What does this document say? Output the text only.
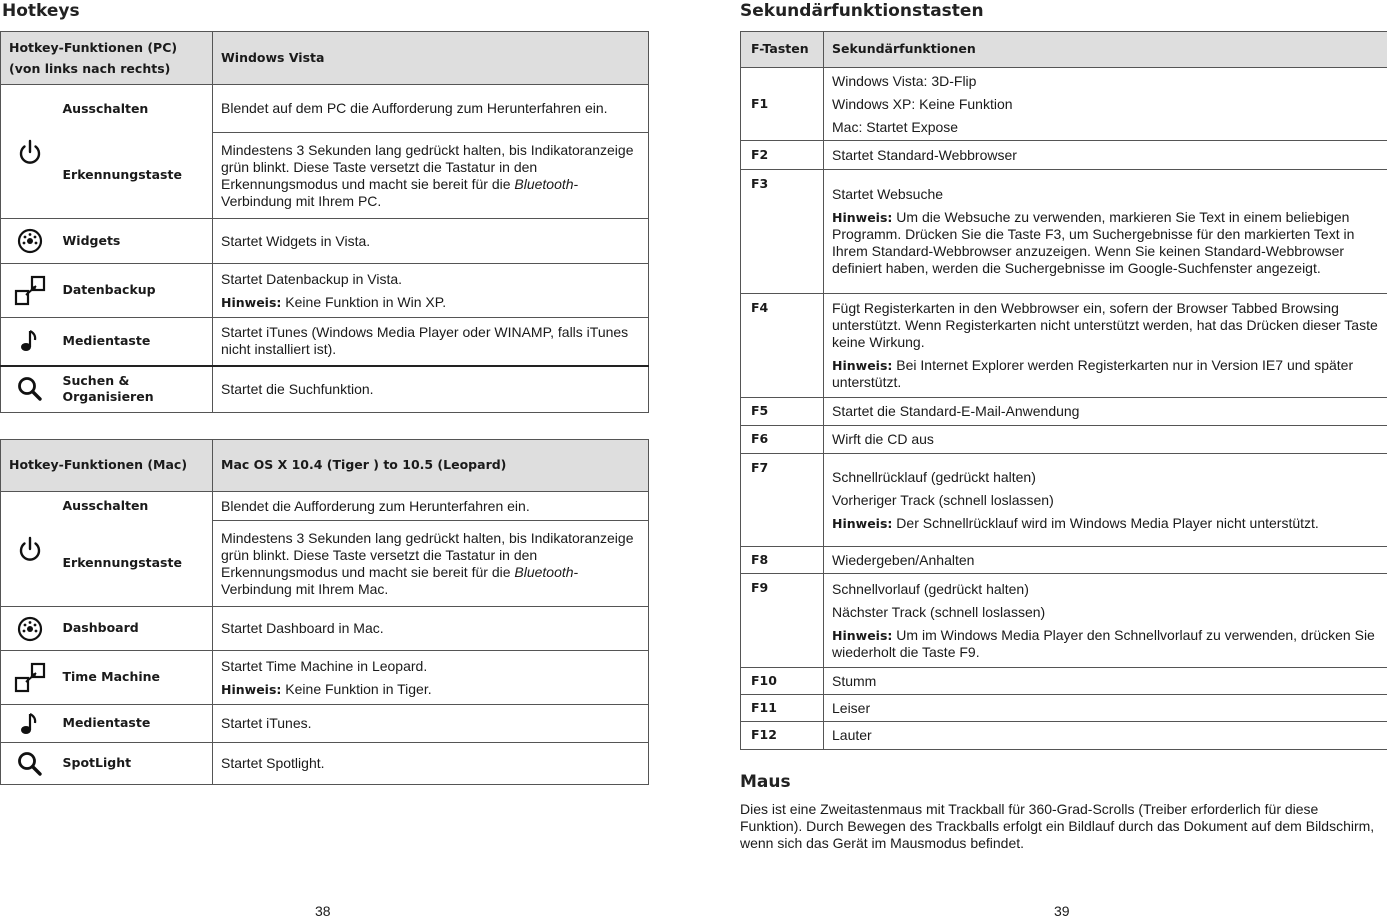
Hotkeys
Hotkey-Funktionen (PC) (von links nach rechts)		Windows Vista

	Ausschalten	Blendet auf dem PC die Aufforderung zum Herunterfahren ein.
	Erkennungstaste	Mindestens 3 Sekunden lang gedrückt halten, bis Indikatoranzeige grün blinkt. Diese Taste versetzt die Tastatur in den Erkennungsmodus und macht sie bereit für die Bluetooth-Verbindung mit Ihrem PC.

	Widgets	Startet Widgets in Vista.

	Datenbackup	Startet Datenbackup in Vista.

Hinweis: Keine Funktion in Win XP.

	Medientaste	Startet iTunes (Windows Media Player oder WINAMP, falls iTunes nicht installiert ist).

	Suchen & Organisieren	Startet die Suchfunktion.
Hotkey-Funktionen (Mac)		Mac OS X 10.4 (Tiger ) to 10.5 (Leopard)

	Ausschalten	Blendet die Aufforderung zum Herunterfahren ein.
	Erkennungstaste	Mindestens 3 Sekunden lang gedrückt halten, bis Indikatoranzeige grün blinkt. Diese Taste versetzt die Tastatur in den Erkennungsmodus und macht sie bereit für die Bluetooth-Verbindung mit Ihrem Mac.

	Dashboard	Startet Dashboard in Mac.

	Time Machine	Startet Time Machine in Leopard.

Hinweis: Keine Funktion in Tiger.

	Medientaste	Startet iTunes.

	SpotLight	Startet Spotlight.
38
Sekundärfunktionstasten
F-Tasten	Sekundärfunktionen
F1	Windows Vista: 3D-Flip
Windows XP: Keine Funktion
Mac: Startet Expose

F2	Startet Standard-Webbrowser
F3	Startet Websuche

Hinweis: Um die Websuche zu verwenden, markieren Sie Text in einem beliebigen Programm. Drücken Sie die Taste F3, um Suchergebnisse für den markierten Text in Ihrem Standard-Webbrowser anzuzeigen. Wenn Sie keinen Standard-Webbrowser definiert haben, werden die Suchergebnisse im Google-Suchfenster angezeigt.

F4	Fügt Registerkarten in den Webbrowser ein, sofern der Browser Tabbed Browsing unterstützt. Wenn Registerkarten nicht unterstützt werden, hat das Drücken dieser Taste keine Wirkung.

Hinweis: Bei Internet Explorer werden Registerkarten nur in Version IE7 und später unterstützt.

F5	Startet die Standard-E-Mail-Anwendung
F6	Wirft die CD aus
F7	Schnellrücklauf (gedrückt halten)

Vorheriger Track (schnell loslassen)

Hinweis: Der Schnellrücklauf wird im Windows Media Player nicht unterstützt.

F8	Wiedergeben/Anhalten
F9	Schnellvorlauf (gedrückt halten)

Nächster Track (schnell loslassen)

Hinweis: Um im Windows Media Player den Schnellvorlauf zu verwenden, drücken Sie wiederholt die Taste F9.

F10	Stumm
F11	Leiser
F12	Lauter
Maus
Dies ist eine Zweitastenmaus mit Trackball für 360-Grad-Scrolls (Treiber erforderlich für diese Funktion). Durch Bewegen des Trackballs erfolgt ein Bildlauf durch das Dokument auf dem Bildschirm, wenn sich das Gerät im Mausmodus befindet.
39
